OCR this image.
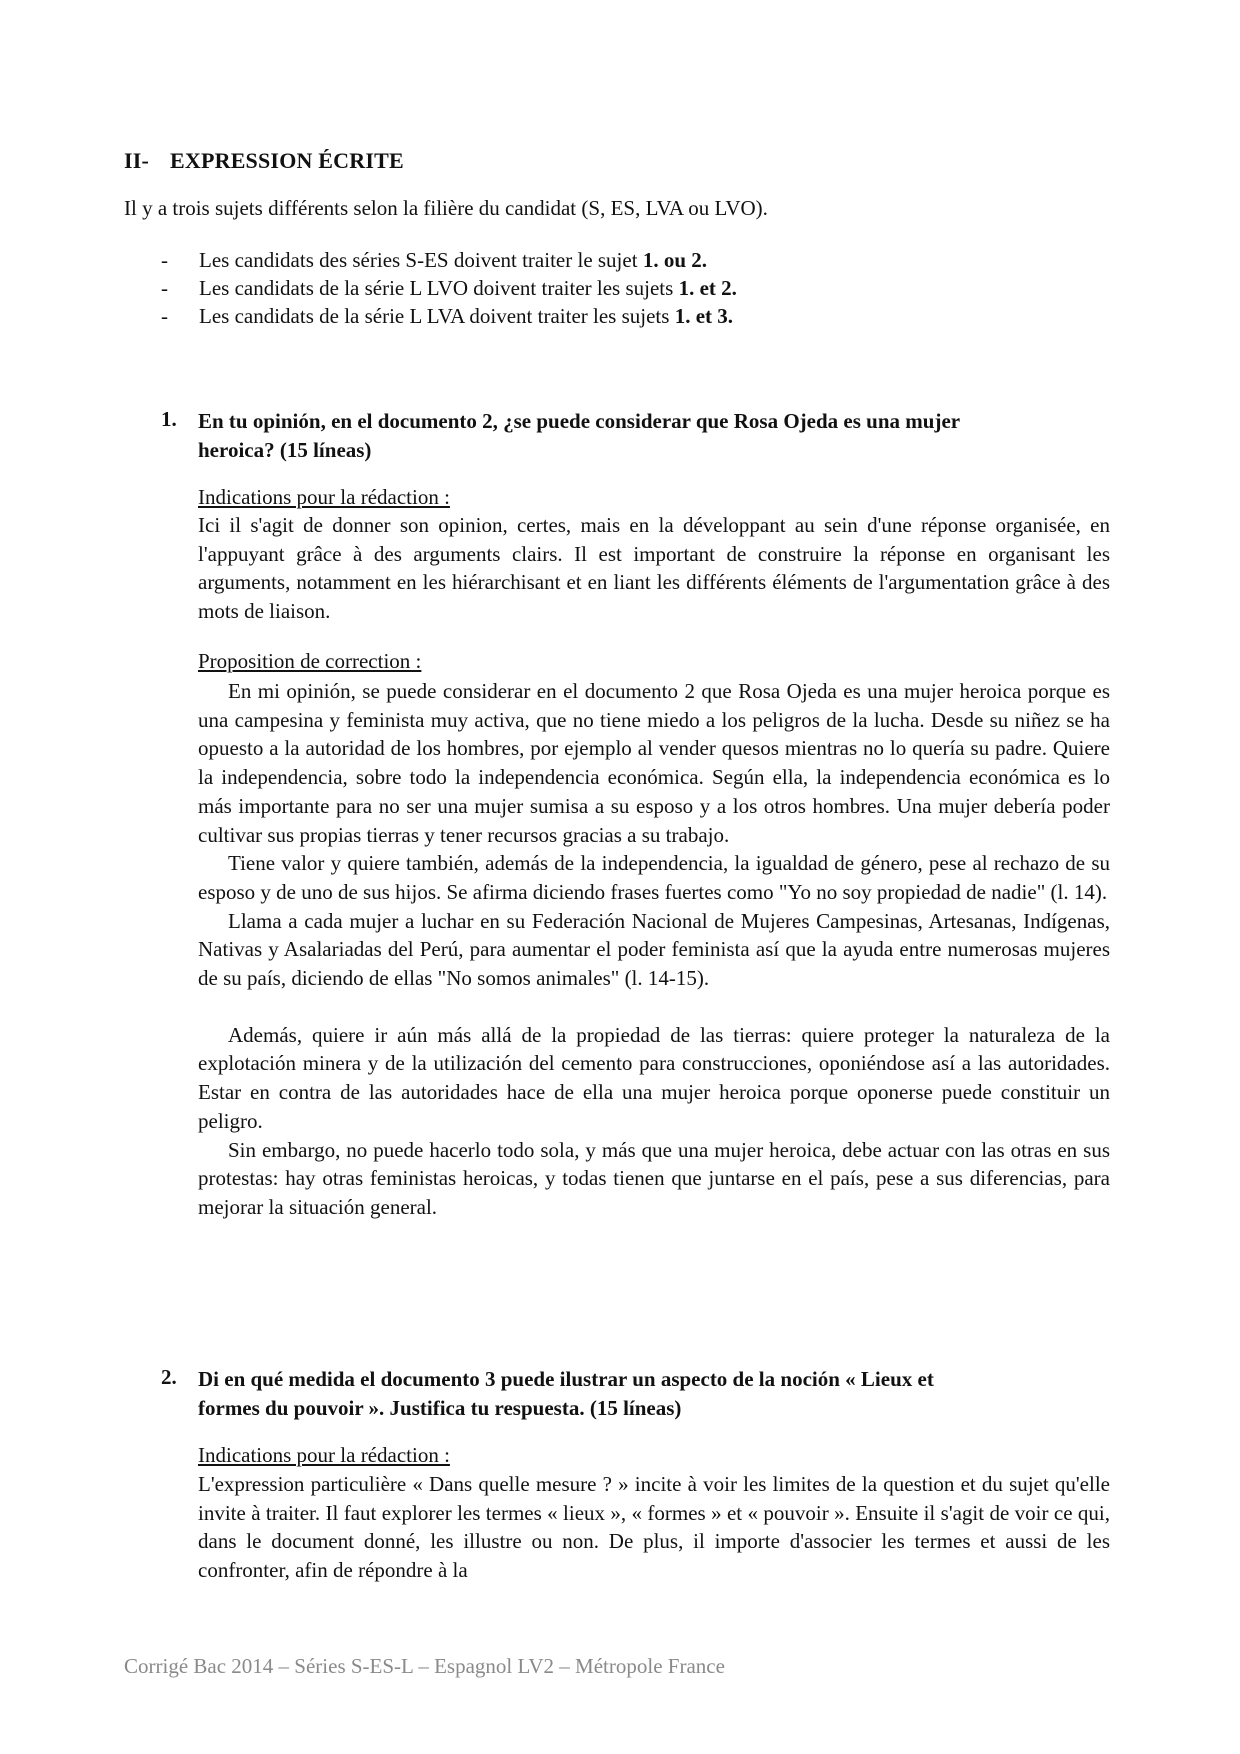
II- EXPRESSION ÉCRITE
Il y a trois sujets différents selon la filière du candidat (S, ES, LVA ou LVO).
- Les candidats des séries S-ES doivent traiter le sujet 1. ou 2.
- Les candidats de la série L LVO doivent traiter les sujets 1. et 2.
- Les candidats de la série L LVA doivent traiter les sujets 1. et 3.
1. En tu opinión, en el documento 2, ¿se puede considerar que Rosa Ojeda es una mujer
heroica? (15 líneas)
Indications pour la rédaction :

Ici il s'agit de donner son opinion, certes, mais en la développant au sein d'une réponse organisée, en l'appuyant grâce à des arguments clairs. Il est important de construire la réponse en organisant les arguments, notamment en les hiérarchisant et en liant les différents éléments de l'argumentation grâce à des mots de liaison.

Proposition de correction :

En mi opinión, se puede considerar en el documento 2 que Rosa Ojeda es una mujer heroica porque es una campesina y feminista muy activa, que no tiene miedo a los peligros de la lucha. Desde su niñez se ha opuesto a la autoridad de los hombres, por ejemplo al vender quesos mientras no lo quería su padre. Quiere la independencia, sobre todo la independencia económica. Según ella, la independencia económica es lo más importante para no ser una mujer sumisa a su esposo y a los otros hombres. Una mujer debería poder cultivar sus propias tierras y tener recursos gracias a su trabajo.

Tiene valor y quiere también, además de la independencia, la igualdad de género, pese al rechazo de su esposo y de uno de sus hijos. Se afirma diciendo frases fuertes como "Yo no soy propiedad de nadie" (l. 14).

Llama a cada mujer a luchar en su Federación Nacional de Mujeres Campesinas, Artesanas, Indígenas, Nativas y Asalariadas del Perú, para aumentar el poder feminista así que la ayuda entre numerosas mujeres de su país, diciendo de ellas "No somos animales" (l. 14-15).

Además, quiere ir aún más allá de la propiedad de las tierras: quiere proteger la naturaleza de la explotación minera y de la utilización del cemento para construcciones, oponiéndose así a las autoridades. Estar en contra de las autoridades hace de ella una mujer heroica porque oponerse puede constituir un peligro.

Sin embargo, no puede hacerlo todo sola, y más que una mujer heroica, debe actuar con las otras en sus protestas: hay otras feministas heroicas, y todas tienen que juntarse en el país, pese a sus diferencias, para mejorar la situación general.

2. Di en qué medida el documento 3 puede ilustrar un aspecto de la noción « Lieux et
formes du pouvoir ». Justifica tu respuesta. (15 líneas)
Indications pour la rédaction :

L'expression particulière « Dans quelle mesure ? » incite à voir les limites de la question et du sujet qu'elle invite à traiter. Il faut explorer les termes « lieux », « formes » et « pouvoir ». Ensuite il s'agit de voir ce qui, dans le document donné, les illustre ou non. De plus, il importe d'associer les termes et aussi de les confronter, afin de répondre à la

Corrigé Bac 2014 – Séries S-ES-L – Espagnol LV2 – Métropole France
